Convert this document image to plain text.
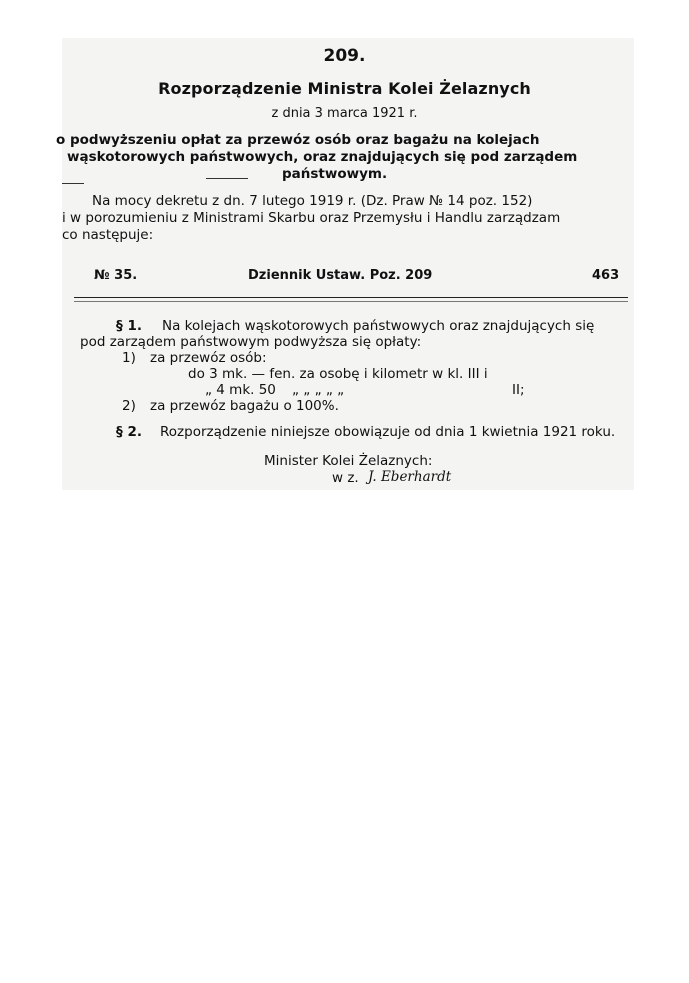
209.
Rozporządzenie Ministra Kolei Żelaznych
z dnia 3 marca 1921 r.
o podwyższeniu opłat za przewóz osób oraz bagażu na kolejach
wąskotorowych państwowych, oraz znajdujących się pod zarządem
państwowym.
Na mocy dekretu z dn. 7 lutego 1919 r. (Dz. Praw № 14 poz. 152)
i w porozumieniu z Ministrami Skarbu oraz Przemysłu i Handlu zarządzam
co następuje:
№ 35.	Dziennik Ustaw. Poz. 209	463
§ 1. Na kolejach wąskotorowych państwowych oraz znajdujących się
pod zarządem państwowym podwyższa się opłaty:
1) za przewóz osób:
do 3 mk. — fen. za osobę i kilometr w kl. III i
„ 4 mk. 50 „ „ „ „ „	II;
2) za przewóz bagażu o 100%.
§ 2. Rozporządzenie niniejsze obowiązuje od dnia 1 kwietnia 1921 roku.
Minister Kolei Żelaznych:
w z. J. Eberhardt
